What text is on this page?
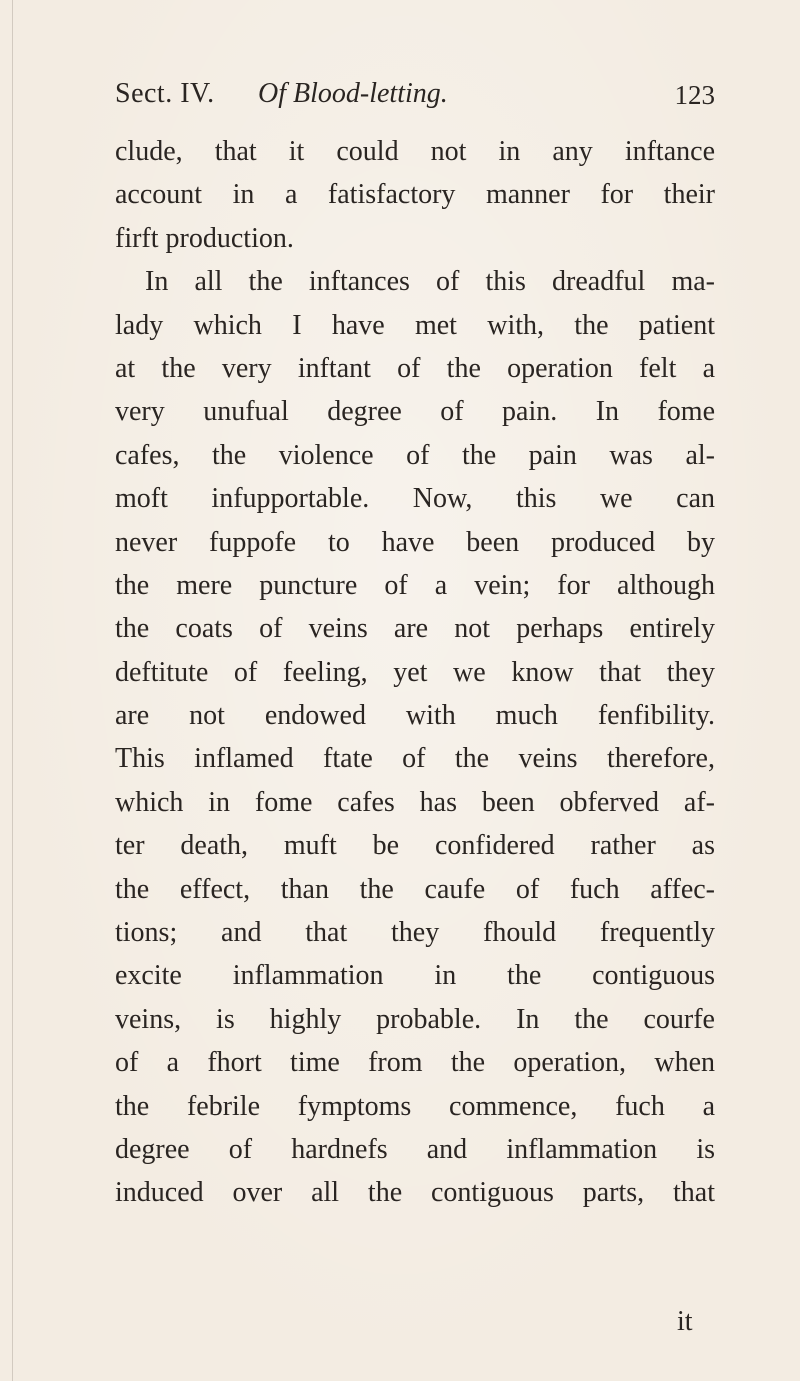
Sect. IV. Of Blood-letting.	123
clude, that it could not in any inftance
account in a fatisfactory manner for their
firft production.
In all the inftances of this dreadful ma-
lady which I have met with, the patient
at the very inftant of the operation felt a
very unufual degree of pain. In fome
cafes, the violence of the pain was al-
moft infupportable. Now, this we can
never fuppofe to have been produced by
the mere puncture of a vein; for although
the coats of veins are not perhaps entirely
deftitute of feeling, yet we know that they
are not endowed with much fenfibility.
This inflamed ftate of the veins therefore,
which in fome cafes has been obferved af-
ter death, muft be confidered rather as
the effect, than the caufe of fuch affec-
tions; and that they fhould frequently
excite inflammation in the contiguous
veins, is highly probable. In the courfe
of a fhort time from the operation, when
the febrile fymptoms commence, fuch a
degree of hardnefs and inflammation is
induced over all the contiguous parts, that
it
